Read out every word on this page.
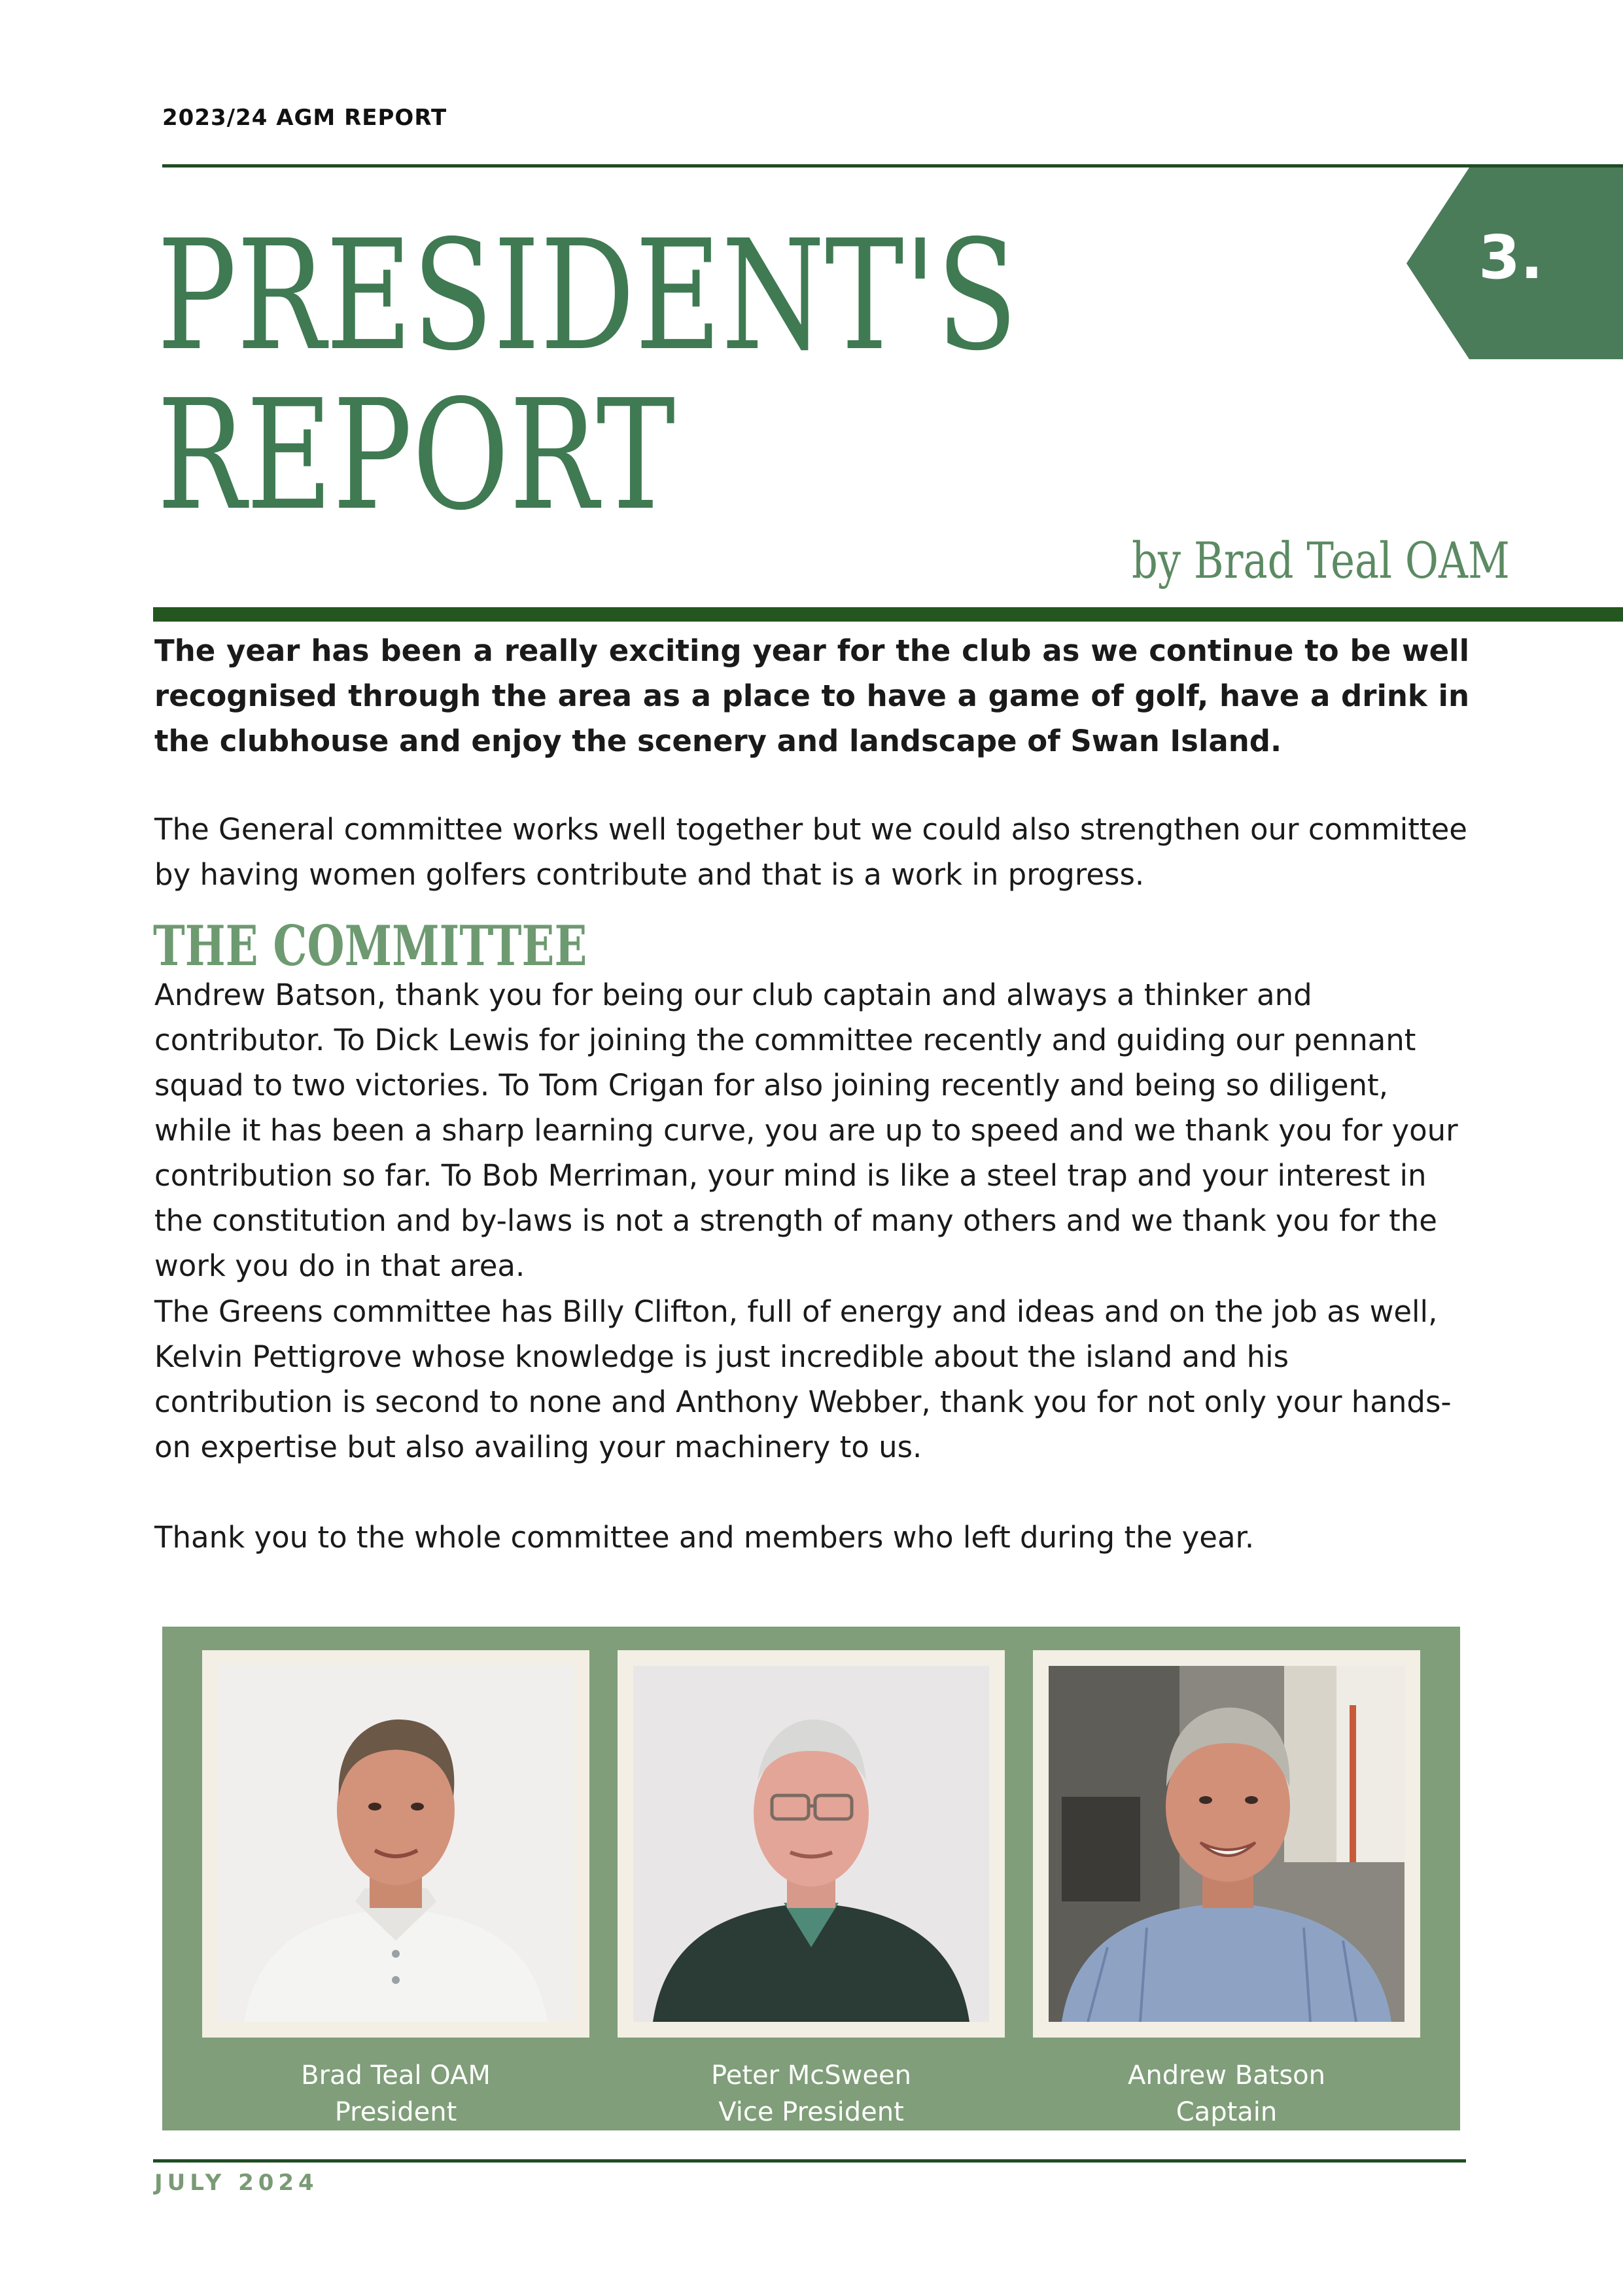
2023/24 AGM REPORT
3.
PRESIDENT'S
REPORT
by Brad Teal OAM

The year has been a really exciting year for the club as we continue to be well recognised through the area as a place to have a game of golf, have a drink in the clubhouse and enjoy the scenery and landscape of Swan Island.

The General committee works well together but we could also strengthen our committee by having women golfers contribute and that is a work in progress.

THE COMMITTEE

Andrew Batson, thank you for being our club captain and always a thinker and contributor. To Dick Lewis for joining the committee recently and guiding our pennant squad to two victories. To Tom Crigan for also joining recently and being so diligent, while it has been a sharp learning curve, you are up to speed and we thank you for your contribution so far. To Bob Merriman, your mind is like a steel trap and your interest in the constitution and by-laws is not a strength of many others and we thank you for the work you do in that area.

The Greens committee has Billy Clifton, full of energy and ideas and on the job as well, Kelvin Pettigrove whose knowledge is just incredible about the island and his contribution is second to none and Anthony Webber, thank you for not only your hands-on expertise but also availing your machinery to us.

Thank you to the whole committee and members who left during the year.

Brad Teal OAM
President
Peter McSween
Vice President
Andrew Batson
Captain
JULY 2024
